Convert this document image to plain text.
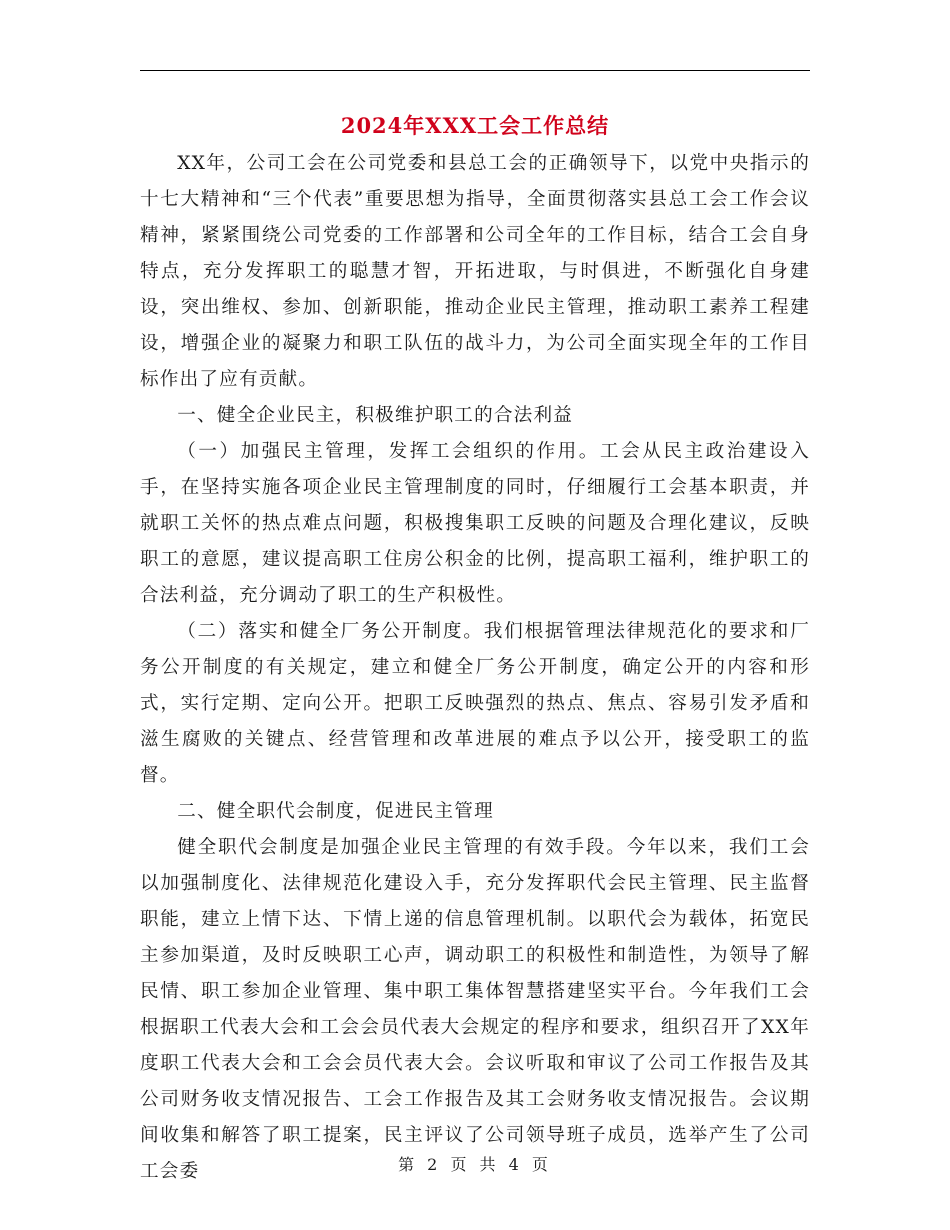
2024年XXX工会工作总结

XX年，公司工会在公司党委和县总工会的正确领导下，以党中央指示的十七大精神和“三个代表”重要思想为指导，全面贯彻落实县总工会工作会议精神，紧紧围绕公司党委的工作部署和公司全年的工作目标，结合工会自身特点，充分发挥职工的聪慧才智，开拓进取，与时俱进，不断强化自身建设，突出维权、参加、创新职能，推动企业民主管理，推动职工素养工程建设，增强企业的凝聚力和职工队伍的战斗力，为公司全面实现全年的工作目标作出了应有贡献。

一、健全企业民主，积极维护职工的合法利益

（一）加强民主管理，发挥工会组织的作用。工会从民主政治建设入手，在坚持实施各项企业民主管理制度的同时，仔细履行工会基本职责，并就职工关怀的热点难点问题，积极搜集职工反映的问题及合理化建议，反映职工的意愿，建议提高职工住房公积金的比例，提高职工福利，维护职工的合法利益，充分调动了职工的生产积极性。

（二）落实和健全厂务公开制度。我们根据管理法律规范化的要求和厂务公开制度的有关规定，建立和健全厂务公开制度，确定公开的内容和形式，实行定期、定向公开。把职工反映强烈的热点、焦点、容易引发矛盾和滋生腐败的关键点、经营管理和改革进展的难点予以公开，接受职工的监督。

二、健全职代会制度，促进民主管理

健全职代会制度是加强企业民主管理的有效手段。今年以来，我们工会以加强制度化、法律规范化建设入手，充分发挥职代会民主管理、民主监督职能，建立上情下达、下情上递的信息管理机制。以职代会为载体，拓宽民主参加渠道，及时反映职工心声，调动职工的积极性和制造性，为领导了解民情、职工参加企业管理、集中职工集体智慧搭建坚实平台。今年我们工会根据职工代表大会和工会会员代表大会规定的程序和要求，组织召开了XX年度职工代表大会和工会会员代表大会。会议听取和审议了公司工作报告及其公司财务收支情况报告、工会工作报告及其工会财务收支情况报告。会议期间收集和解答了职工提案，民主评议了公司领导班子成员，选举产生了公司工会委	第 2 页 共 4 页
